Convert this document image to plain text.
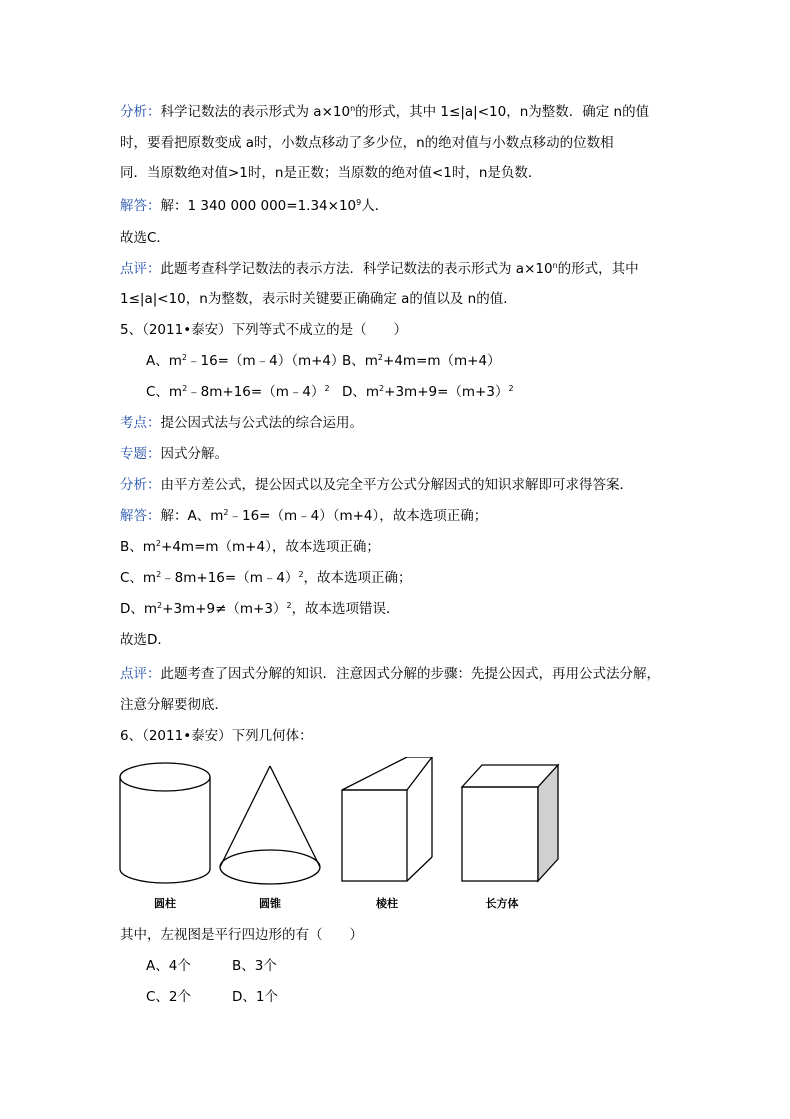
分析：科学记数法的表示形式为 $a\times 10^n$的形式，其中 1≤|a|<10，n为整数．确定 n的值
时，要看把原数变成 a时，小数点移动了多少位，n的绝对值与小数点移动的位数相
同．当原数绝对值>1时，n是正数；当原数的绝对值<1时，n是负数．
解答：解：1 340 000 $000=1.34\times 10^9$人．
故选C．
点评：此题考查科学记数法的表示方法．科学记数法的表示形式为 $a\times 10^n$的形式，其中
1≤|a|<10，n为整数，表示时关键要正确确定 a的值以及 n的值．
5、（2011•泰安）下列等式不成立的是（　　）
A、$m^2﹣16=(m﹣4)(m+4)$
B、$m^2+4m=m(m+4)$
C、$m^2﹣8m+16=(m﹣4)^2$ D、$m^2+3m+9=(m+3)^2$
考点：提公因式法与公式法的综合运用。
专题：因式分解。
分析：由平方差公式，提公因式以及完全平方公式分解因式的知识求解即可求得答案．
解答：解：A、$m^2﹣16=(m﹣4)(m+4)$，故本选项正确；
B、$m^2+4m=m(m+4)$，故本选项正确；
C、$m^2﹣8m+16=(m﹣4)^2$，故本选项正确；
D、$m^2+3m+9\ne(m+3)^2$，故本选项错误．
故选D．
点评：此题考查了因式分解的知识．注意因式分解的步骤：先提公因式，再用公式法分解，
注意分解要彻底．
6、（2011•泰安）下列几何体：
圆柱	圆锥	棱柱	长方体
其中，左视图是平行四边形的有（　　）
A、4个	B、3个
C、2个	D、1个
